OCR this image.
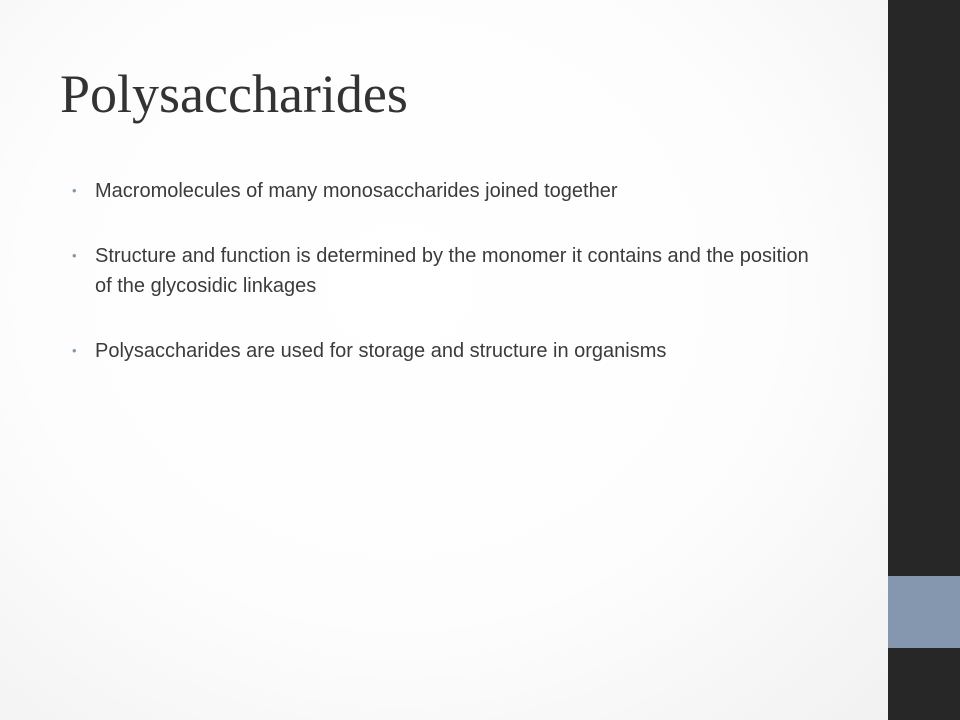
Polysaccharides
• Macromolecules of many monosaccharides joined together
• Structure and function is determined by the monomer it contains and the position of the glycosidic linkages
• Polysaccharides are used for storage and structure in organisms
